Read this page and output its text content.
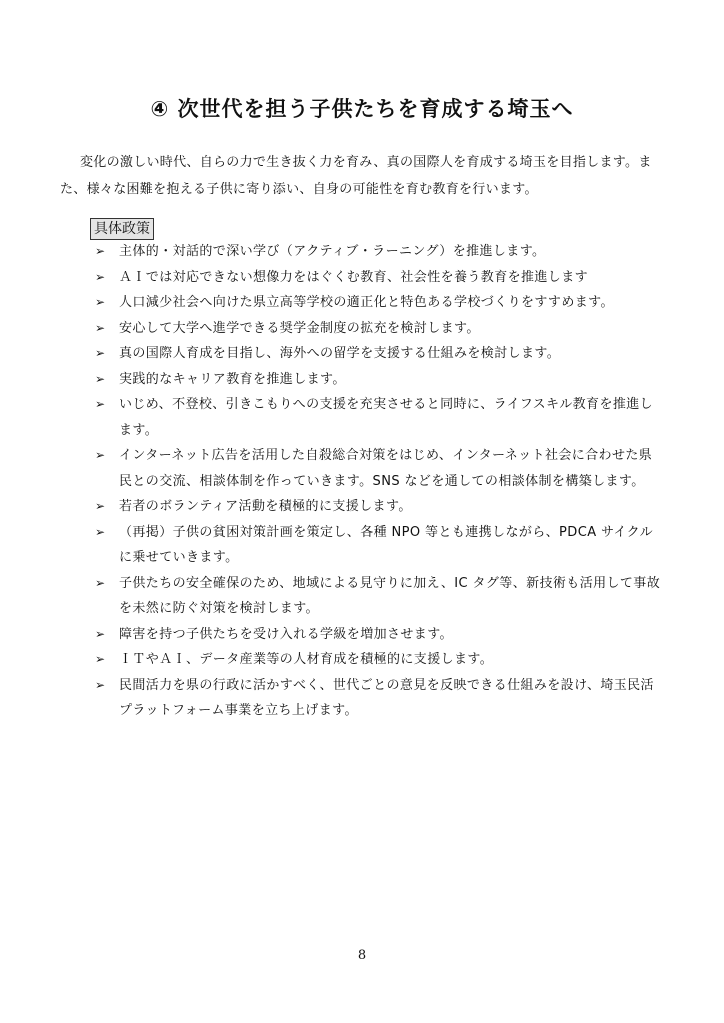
④ 次世代を担う子供たちを育成する埼玉へ

変化の激しい時代、自らの力で生き抜く力を育み、真の国際人を育成する埼玉を目指します。また、様々な困難を抱える子供に寄り添い、自身の可能性を育む教育を行います。

具体政策
➢ 主体的・対話的で深い学び（アクティブ・ラーニング）を推進します。
➢ ＡＩでは対応できない想像力をはぐくむ教育、社会性を養う教育を推進します
➢ 人口減少社会へ向けた県立高等学校の適正化と特色ある学校づくりをすすめます。
➢ 安心して大学へ進学できる奨学金制度の拡充を検討します。
➢ 真の国際人育成を目指し、海外への留学を支援する仕組みを検討します。
➢ 実践的なキャリア教育を推進します。
➢ いじめ、不登校、引きこもりへの支援を充実させると同時に、ライフスキル教育を推進します。
➢ インターネット広告を活用した自殺総合対策をはじめ、インターネット社会に合わせた県民との交流、相談体制を作っていきます。SNS などを通しての相談体制を構築します。
➢ 若者のボランティア活動を積極的に支援します。
➢ （再掲）子供の貧困対策計画を策定し、各種 NPO 等とも連携しながら、PDCA サイクルに乗せていきます。
➢ 子供たちの安全確保のため、地域による見守りに加え、IC タグ等、新技術も活用して事故を未然に防ぐ対策を検討します。
➢ 障害を持つ子供たちを受け入れる学級を増加させます。
➢ ＩＴやＡＩ、データ産業等の人材育成を積極的に支援します。
➢ 民間活力を県の行政に活かすべく、世代ごとの意見を反映できる仕組みを設け、埼玉民活プラットフォーム事業を立ち上げます。
8
